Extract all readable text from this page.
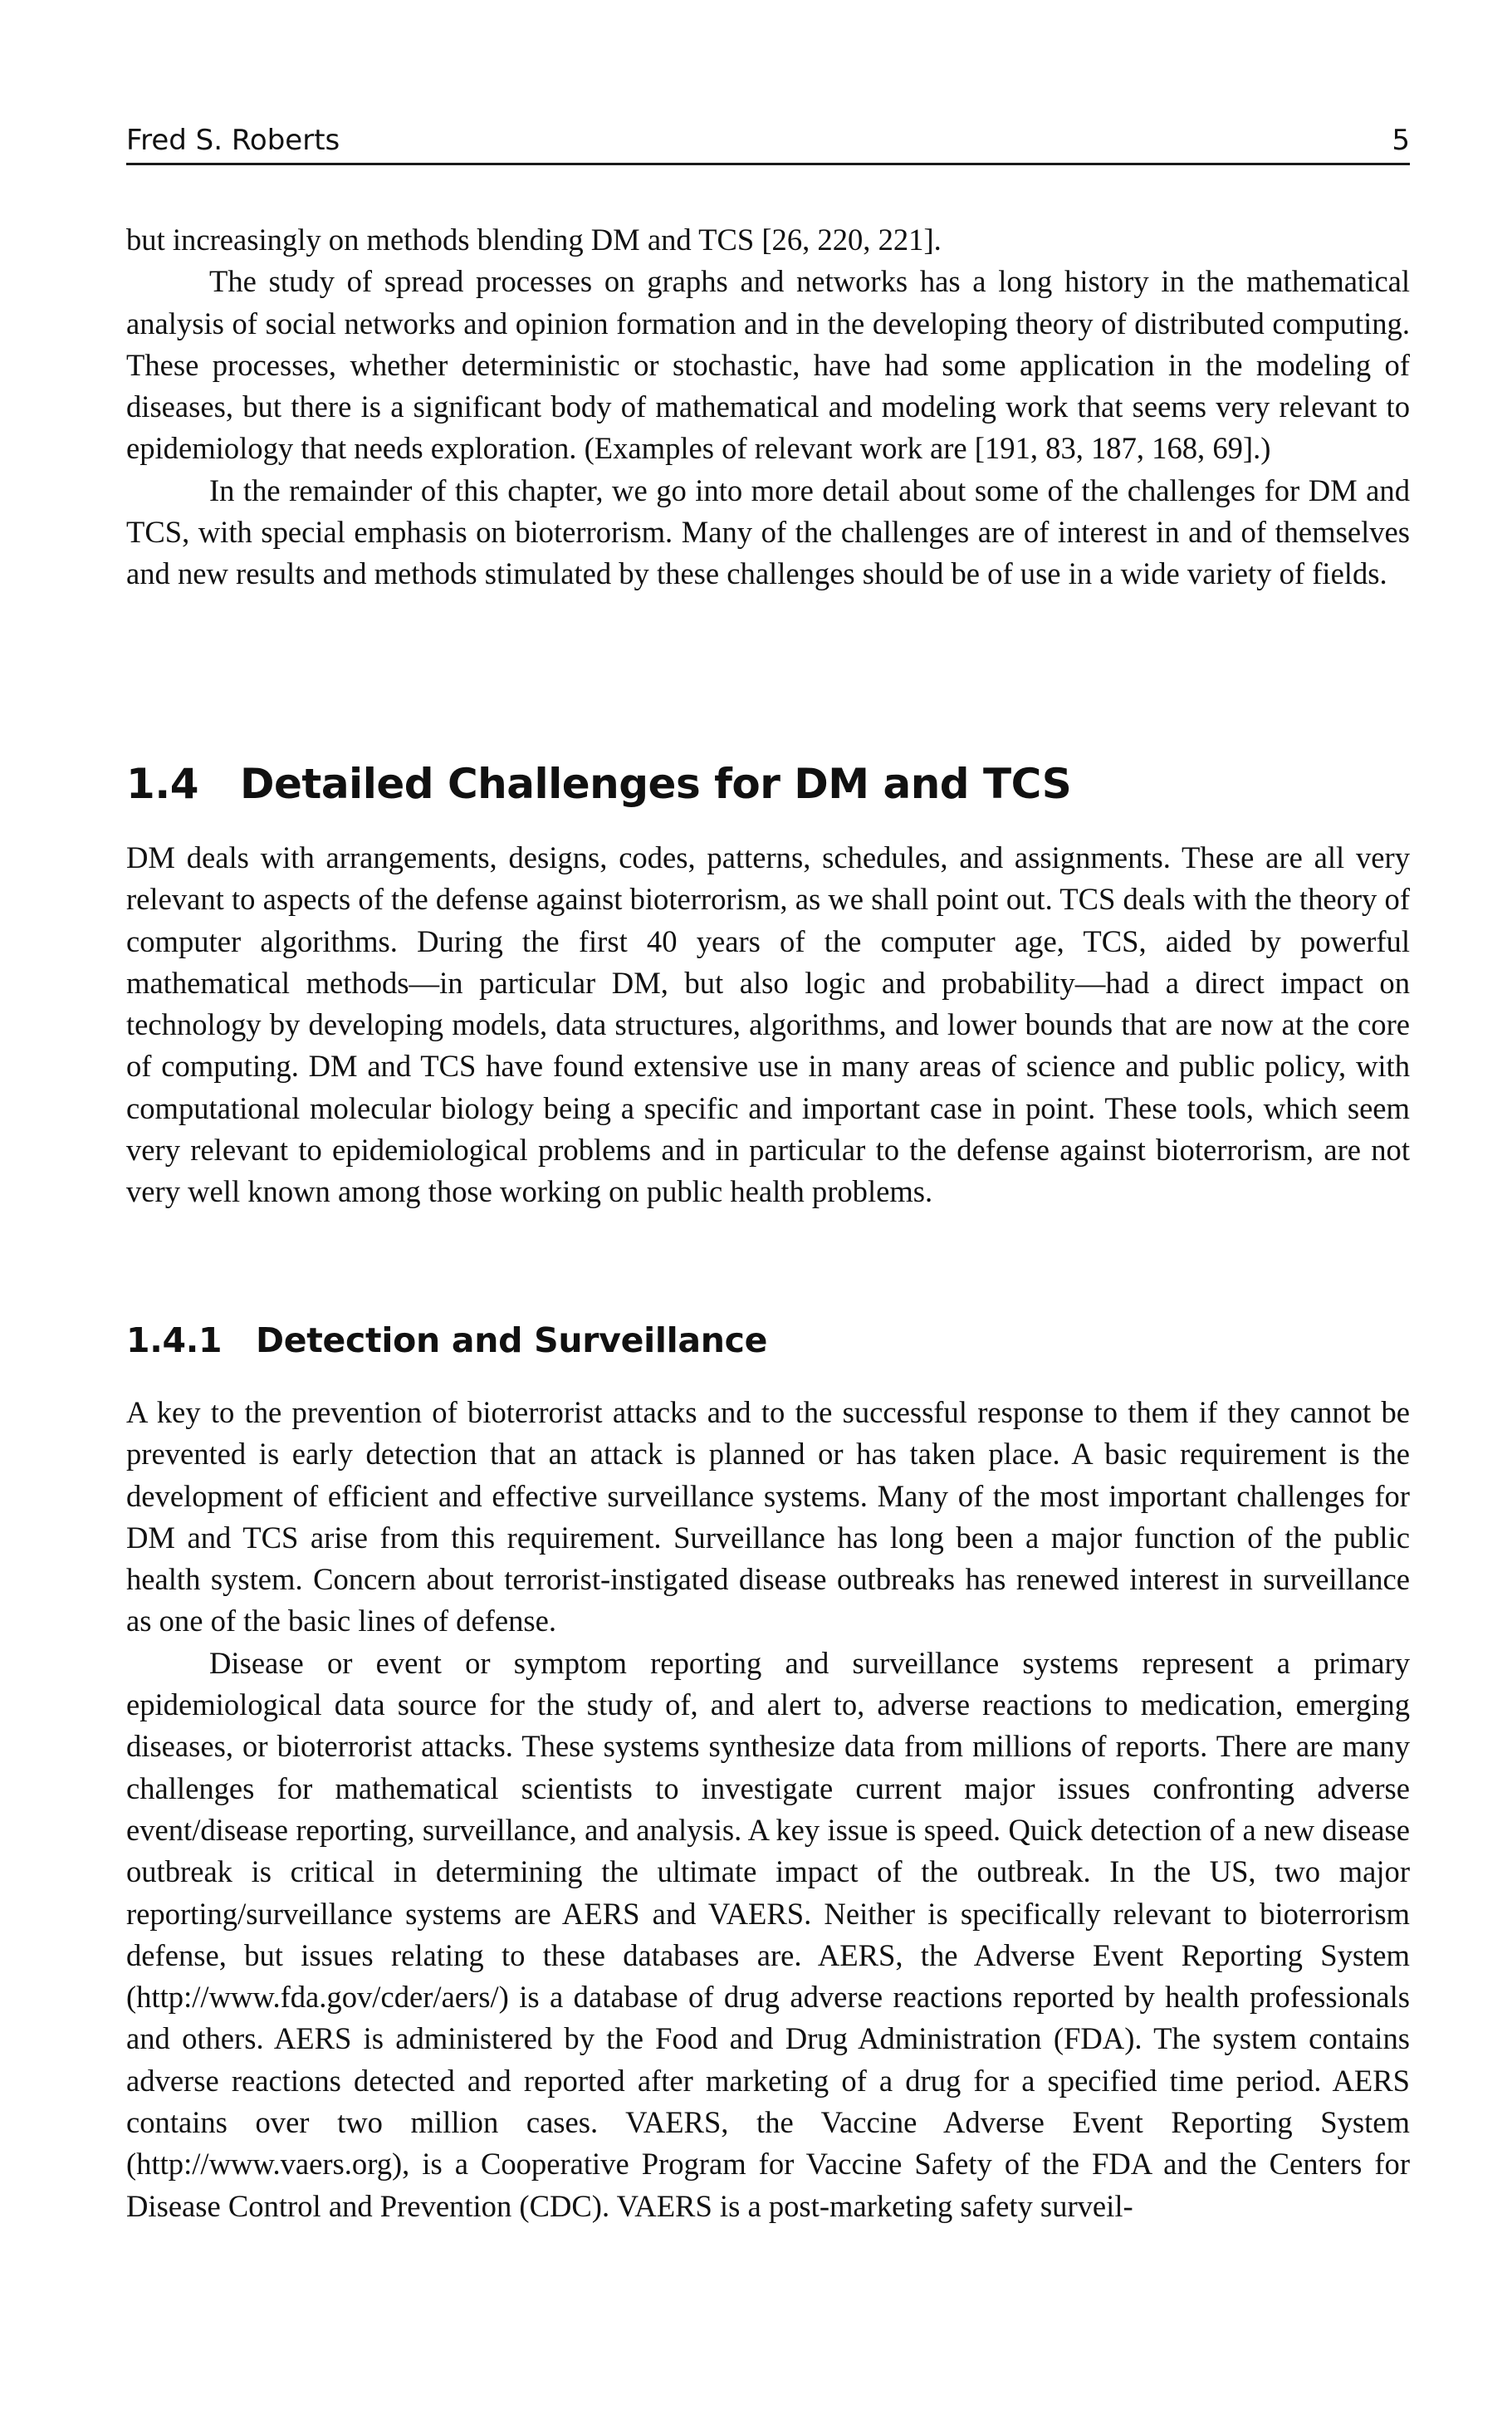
Fred S. Roberts	5

but increasingly on methods blending DM and TCS [26, 220, 221].

The study of spread processes on graphs and networks has a long history in the mathematical analysis of social networks and opinion formation and in the developing theory of distributed computing. These processes, whether deterministic or stochastic, have had some application in the modeling of diseases, but there is a significant body of mathematical and modeling work that seems very relevant to epidemiology that needs exploration. (Examples of relevant work are [191, 83, 187, 168, 69].)

In the remainder of this chapter, we go into more detail about some of the challenges for DM and TCS, with special emphasis on bioterrorism. Many of the challenges are of interest in and of themselves and new results and methods stimulated by these challenges should be of use in a wide variety of fields.

1.4 Detailed Challenges for DM and TCS

DM deals with arrangements, designs, codes, patterns, schedules, and assignments. These are all very relevant to aspects of the defense against bioterrorism, as we shall point out. TCS deals with the theory of computer algorithms. During the first 40 years of the computer age, TCS, aided by powerful mathematical methods—in particular DM, but also logic and probability—had a direct impact on technology by developing models, data structures, algorithms, and lower bounds that are now at the core of computing. DM and TCS have found extensive use in many areas of science and public policy, with computational molecular biology being a specific and important case in point. These tools, which seem very relevant to epidemiological problems and in particular to the defense against bioterrorism, are not very well known among those working on public health problems.

1.4.1 Detection and Surveillance

A key to the prevention of bioterrorist attacks and to the successful response to them if they cannot be prevented is early detection that an attack is planned or has taken place. A basic requirement is the development of efficient and effective surveillance systems. Many of the most important challenges for DM and TCS arise from this requirement. Surveillance has long been a major function of the public health system. Concern about terrorist-instigated disease outbreaks has renewed interest in surveillance as one of the basic lines of defense.

Disease or event or symptom reporting and surveillance systems represent a primary epidemiological data source for the study of, and alert to, adverse reactions to medication, emerging diseases, or bioterrorist attacks. These systems synthesize data from millions of reports. There are many challenges for mathematical scientists to investigate current major issues confronting adverse event/disease reporting, surveillance, and analysis. A key issue is speed. Quick detection of a new disease outbreak is critical in determining the ultimate impact of the outbreak. In the US, two major reporting/surveillance systems are AERS and VAERS. Neither is specifically relevant to bioterrorism defense, but issues relating to these databases are. AERS, the Adverse Event Reporting System (http://www.fda.gov/cder/aers/) is a database of drug adverse reactions reported by health professionals and others. AERS is administered by the Food and Drug Administration (FDA). The system contains adverse reactions detected and reported after marketing of a drug for a specified time period. AERS contains over two million cases. VAERS, the Vaccine Adverse Event Reporting System (http://www.vaers.org), is a Cooperative Program for Vaccine Safety of the FDA and the Centers for Disease Control and Prevention (CDC). VAERS is a post-marketing safety surveil-
